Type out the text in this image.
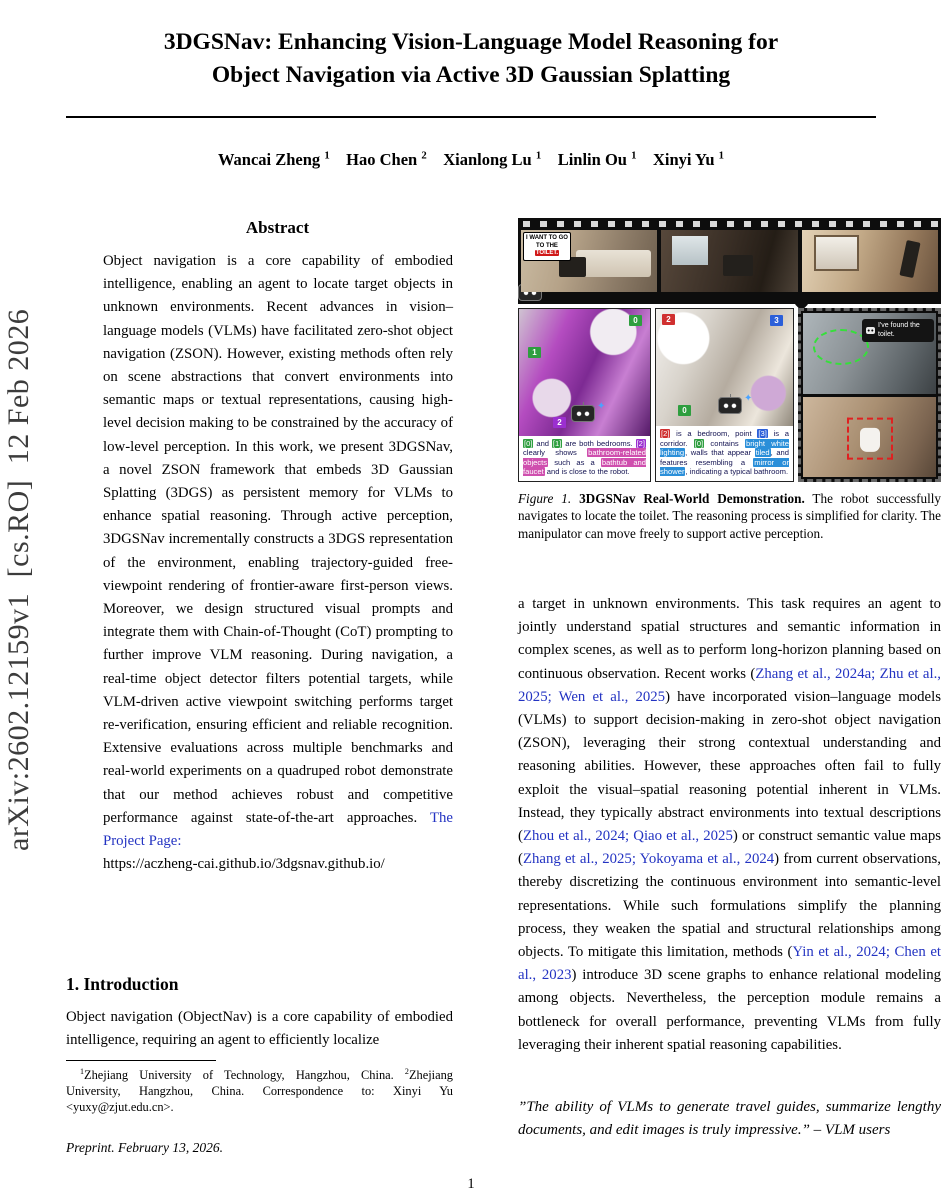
arXiv:2602.12159v1 [cs.RO] 12 Feb 2026
3DGSNav: Enhancing Vision-Language Model Reasoning for
Object Navigation via Active 3D Gaussian Splatting
Wancai Zheng $^1$ Hao Chen $^2$ Xianlong Lu $^1$ Linlin Ou $^1$ Xinyi Yu $^1$
Abstract
Object navigation is a core capability of embodied intelligence, enabling an agent to locate target objects in unknown environments. Recent advances in vision–language models (VLMs) have facilitated zero-shot object navigation (ZSON). However, existing methods often rely on scene abstractions that convert environments into semantic maps or textual representations, causing high-level decision making to be constrained by the accuracy of low-level perception. In this work, we present 3DGSNav, a novel ZSON framework that embeds 3D Gaussian Splatting (3DGS) as persistent memory for VLMs to enhance spatial reasoning. Through active perception, 3DGSNav incrementally constructs a 3DGS representation of the environment, enabling trajectory-guided free-viewpoint rendering of frontier-aware first-person views. Moreover, we design structured visual prompts and integrate them with Chain-of-Thought (CoT) prompting to further improve VLM reasoning. During navigation, a real-time object detector filters potential targets, while VLM-driven active viewpoint switching performs target re-verification, ensuring efficient and reliable recognition. Extensive evaluations across multiple benchmarks and real-world experiments on a quadruped robot demonstrate that our method achieves robust and competitive performance against state-of-the-art approaches. The Project Page:
https://aczheng-cai.github.io/3dgsnav.github.io/
1. Introduction
Object navigation (ObjectNav) is a core capability of embodied intelligence, requiring an agent to efficiently localize
$^1$Zhejiang University of Technology, Hangzhou, China. $^2$Zhejiang University, Hangzhou, China. Correspondence to: Xinyi Yu <yuxy@zjut.edu.cn>.
Preprint. February 13, 2026.
I WANT TO GO TO THE TOILET.
0
1
2
✦
[0] and [1] are both bedrooms. [2] clearly shows bathroom-related objects such as a bathtub and faucet and is close to the robot.
2	3
0
✦
[2] is a bedroom, point [3] is a corridor. [0] contains bright white lighting, walls that appear tiled, and features resembling a mirror or shower, indicating a typical bathroom.
I've found the toilet.
Figure 1. 3DGSNav Real-World Demonstration. The robot successfully navigates to locate the toilet. The reasoning process is simplified for clarity. The manipulator can move freely to support active perception.
a target in unknown environments. This task requires an agent to jointly understand spatial structures and semantic information in complex scenes, as well as to perform long-horizon planning based on continuous observation. Recent works (Zhang et al., 2024a; Zhu et al., 2025; Wen et al., 2025) have incorporated vision–language models (VLMs) to support decision-making in zero-shot object navigation (ZSON), leveraging their strong contextual understanding and reasoning abilities. However, these approaches often fail to fully exploit the visual–spatial reasoning potential inherent in VLMs. Instead, they typically abstract environments into textual descriptions (Zhou et al., 2024; Qiao et al., 2025) or construct semantic value maps (Zhang et al., 2025; Yokoyama et al., 2024) from current observations, thereby discretizing the continuous environment into semantic-level representations. While such formulations simplify the planning process, they weaken the spatial and structural relationships among objects. To mitigate this limitation, methods (Yin et al., 2024; Chen et al., 2023) introduce 3D scene graphs to enhance relational modeling among objects. Nevertheless, the perception module remains a bottleneck for overall performance, preventing VLMs from fully leveraging their inherent spatial reasoning capabilities.
”The ability of VLMs to generate travel guides, summarize lengthy documents, and edit images is truly impressive.” – VLM users
1
